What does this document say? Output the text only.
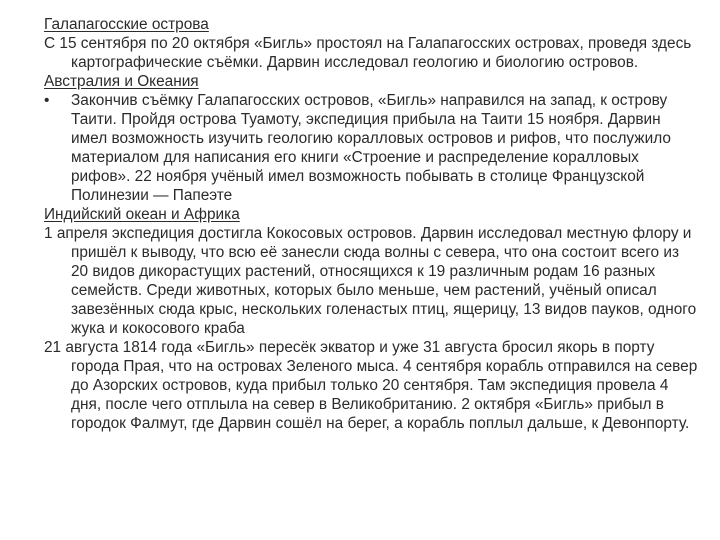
Галапагосские острова

С 15 сентября по 20 октября «Бигль» простоял на Галапагосских островах, проведя здесь картографические съёмки. Дарвин исследовал геологию и биологию островов.

Австралия и Океания

• Закончив съёмку Галапагосских островов, «Бигль» направился на запад, к острову Таити. Пройдя острова Туамоту, экспедиция прибыла на Таити 15 ноября. Дарвин имел возможность изучить геологию коралловых островов и рифов, что послужило материалом для написания его книги «Строение и распределение коралловых рифов». 22 ноября учёный имел возможность побывать в столице Французской Полинезии — Папеэте

Индийский океан и Африка

1 апреля экспедиция достигла Кокосовых островов. Дарвин исследовал местную флору и пришёл к выводу, что всю её занесли сюда волны с севера, что она состоит всего из 20 видов дикорастущих растений, относящихся к 19 различным родам 16 разных семейств. Среди животных, которых было меньше, чем растений, учёный описал завезённых сюда крыс, нескольких голенастых птиц, ящерицу, 13 видов пауков, одного жука и кокосового краба

21 августа 1814 года «Бигль» пересёк экватор и уже 31 августа бросил якорь в порту города Прая, что на островах Зеленого мыса. 4 сентября корабль отправился на север до Азорских островов, куда прибыл только 20 сентября. Там экспедиция провела 4 дня, после чего отплыла на север в Великобританию. 2 октября «Бигль» прибыл в городок Фалмут, где Дарвин сошёл на берег, а корабль поплыл дальше, к Девонпорту.
